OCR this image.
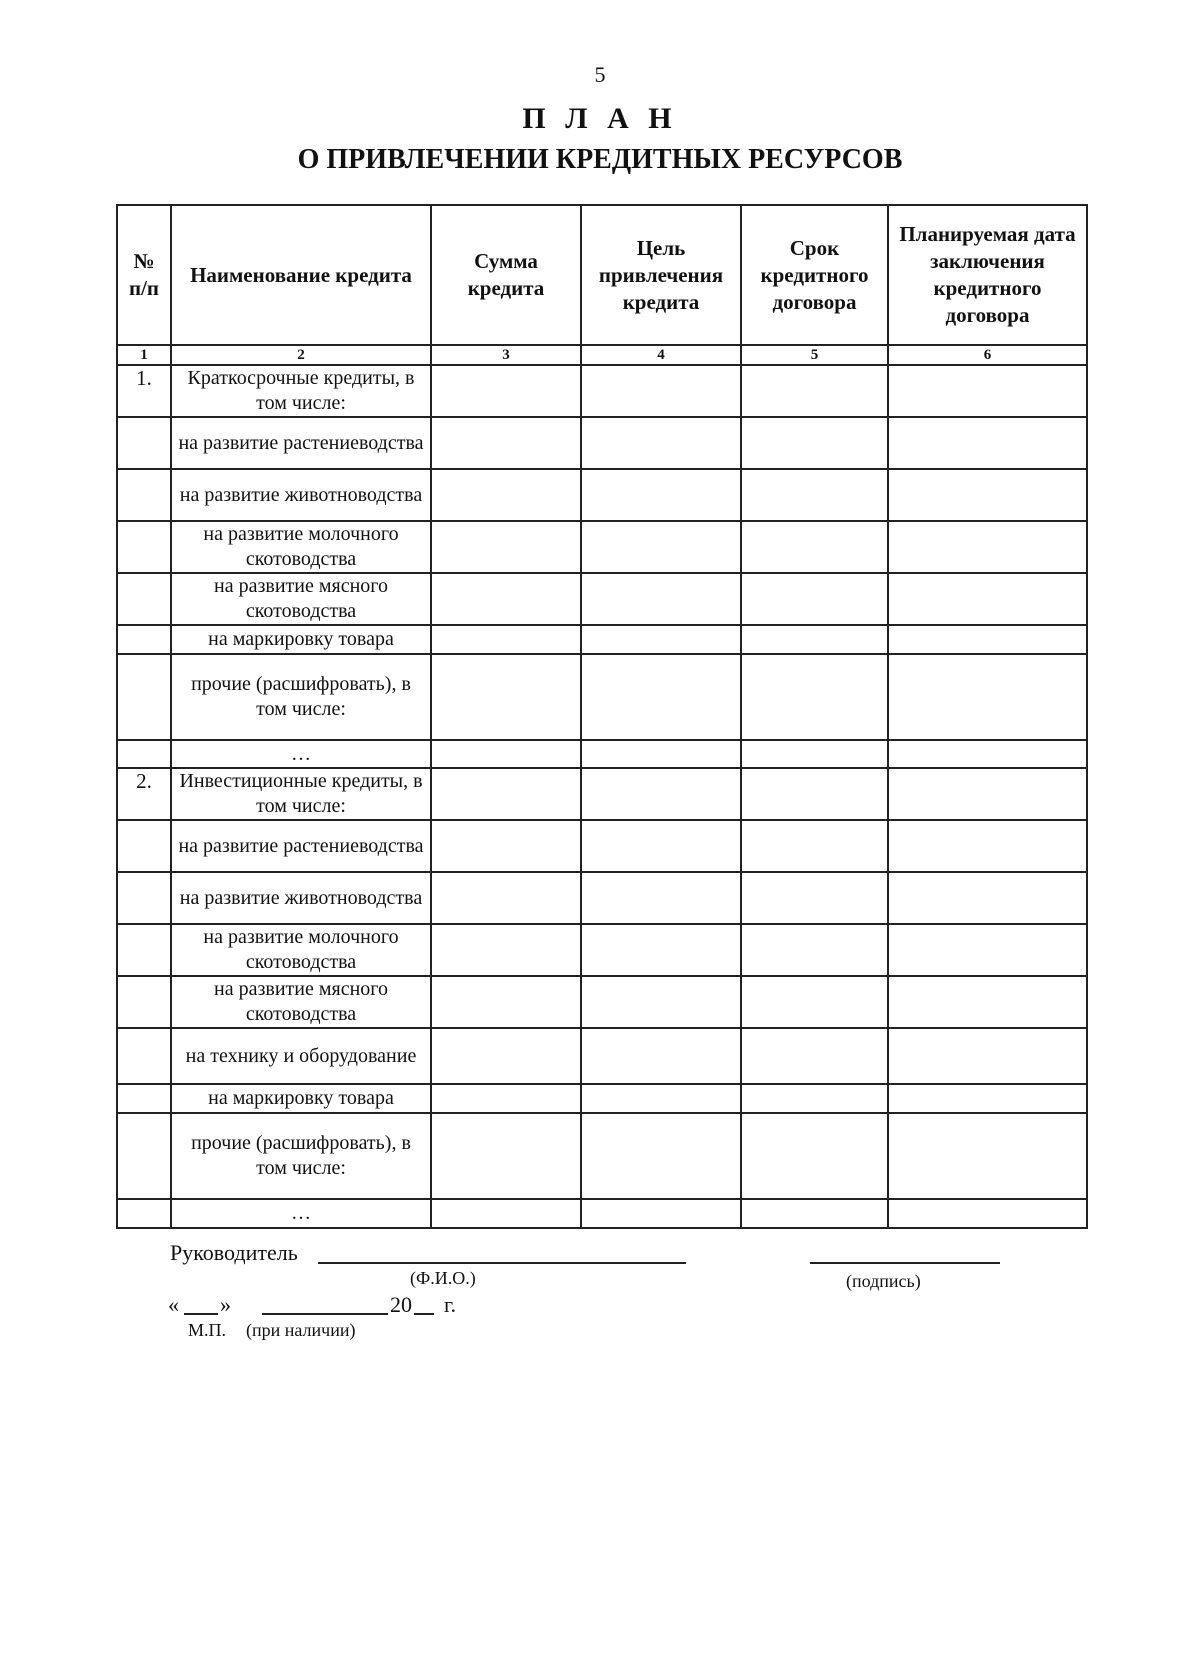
5
П Л А Н
О ПРИВЛЕЧЕНИИ КРЕДИТНЫХ РЕСУРСОВ
№ п/п	Наименование кредита	Сумма кредита	Цель привлечения кредита	Срок кредитного договора	Планируемая дата заключения кредитного договора
1	2	3	4	5	6
1.	Краткосрочные кредиты, в том числе:				
	на развитие растениеводства				
	на развитие животноводства				
	на развитие молочного скотоводства				
	на развитие мясного скотоводства				
	на маркировку товара				
	прочие (расшифровать), в том числе:				
	…				
2.	Инвестиционные кредиты, в том числе:				
	на развитие растениеводства				
	на развитие животноводства				
	на развитие молочного скотоводства				
	на развитие мясного скотоводства				
	на технику и оборудование				
	на маркировку товара				
	прочие (расшифровать), в том числе:				
	…				
Руководитель
(Ф.И.О.)	(подпись)
« »	20 г.
М.П. (при наличии)
